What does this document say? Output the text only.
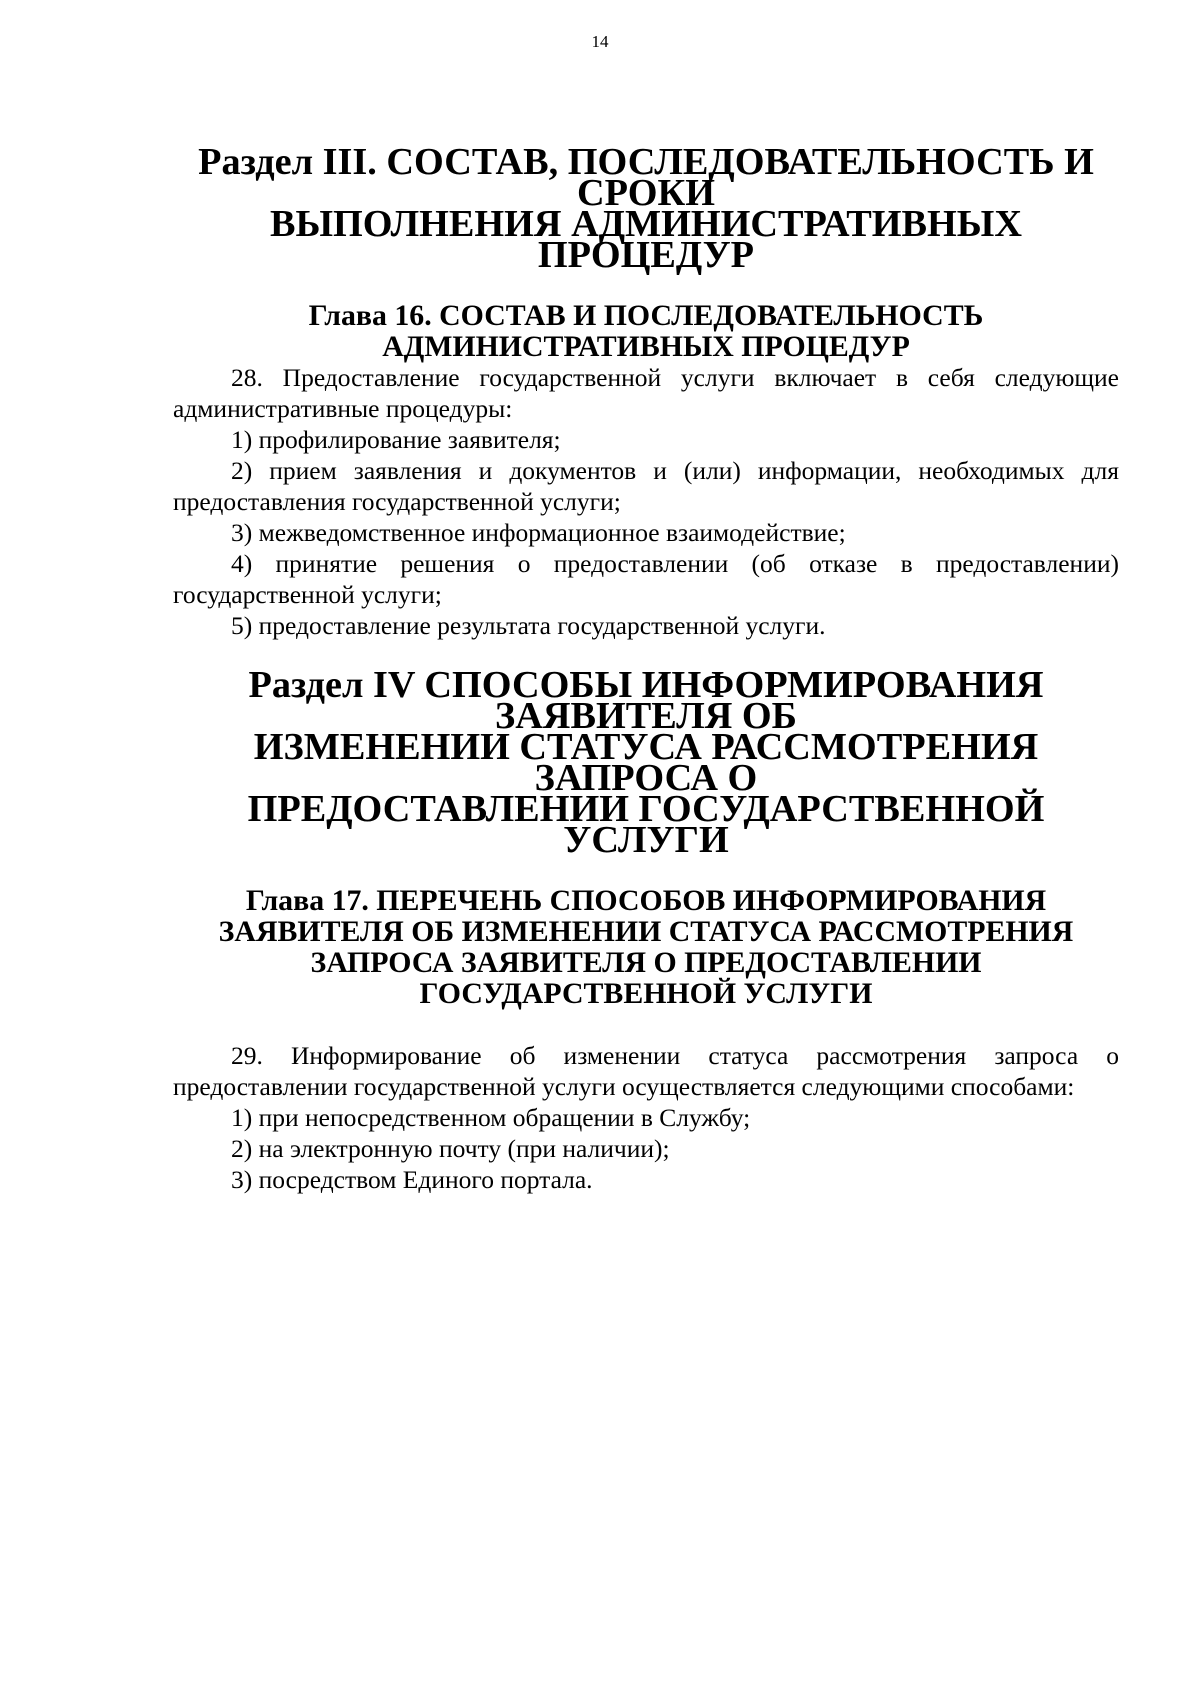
14
Раздел III. СОСТАВ, ПОСЛЕДОВАТЕЛЬНОСТЬ И СРОКИ
ВЫПОЛНЕНИЯ АДМИНИСТРАТИВНЫХ ПРОЦЕДУР
Глава 16. СОСТАВ И ПОСЛЕДОВАТЕЛЬНОСТЬ
АДМИНИСТРАТИВНЫХ ПРОЦЕДУР

28. Предоставление государственной услуги включает в себя следующие административные процедуры:

1) профилирование заявителя;

2) прием заявления и документов и (или) информации, необходимых для предоставления государственной услуги;

3) межведомственное информационное взаимодействие;

4) принятие решения о предоставлении (об отказе в предоставлении) государственной услуги;

5) предоставление результата государственной услуги.

Раздел IV СПОСОБЫ ИНФОРМИРОВАНИЯ ЗАЯВИТЕЛЯ ОБ
ИЗМЕНЕНИИ СТАТУСА РАССМОТРЕНИЯ ЗАПРОСА О
ПРЕДОСТАВЛЕНИИ ГОСУДАРСТВЕННОЙ УСЛУГИ
Глава 17. ПЕРЕЧЕНЬ СПОСОБОВ ИНФОРМИРОВАНИЯ
ЗАЯВИТЕЛЯ ОБ ИЗМЕНЕНИИ СТАТУСА РАССМОТРЕНИЯ
ЗАПРОСА ЗАЯВИТЕЛЯ О ПРЕДОСТАВЛЕНИИ
ГОСУДАРСТВЕННОЙ УСЛУГИ

29. Информирование об изменении статуса рассмотрения запроса о предоставлении государственной услуги осуществляется следующими способами:

1) при непосредственном обращении в Службу;

2) на электронную почту (при наличии);

3) посредством Единого портала.
